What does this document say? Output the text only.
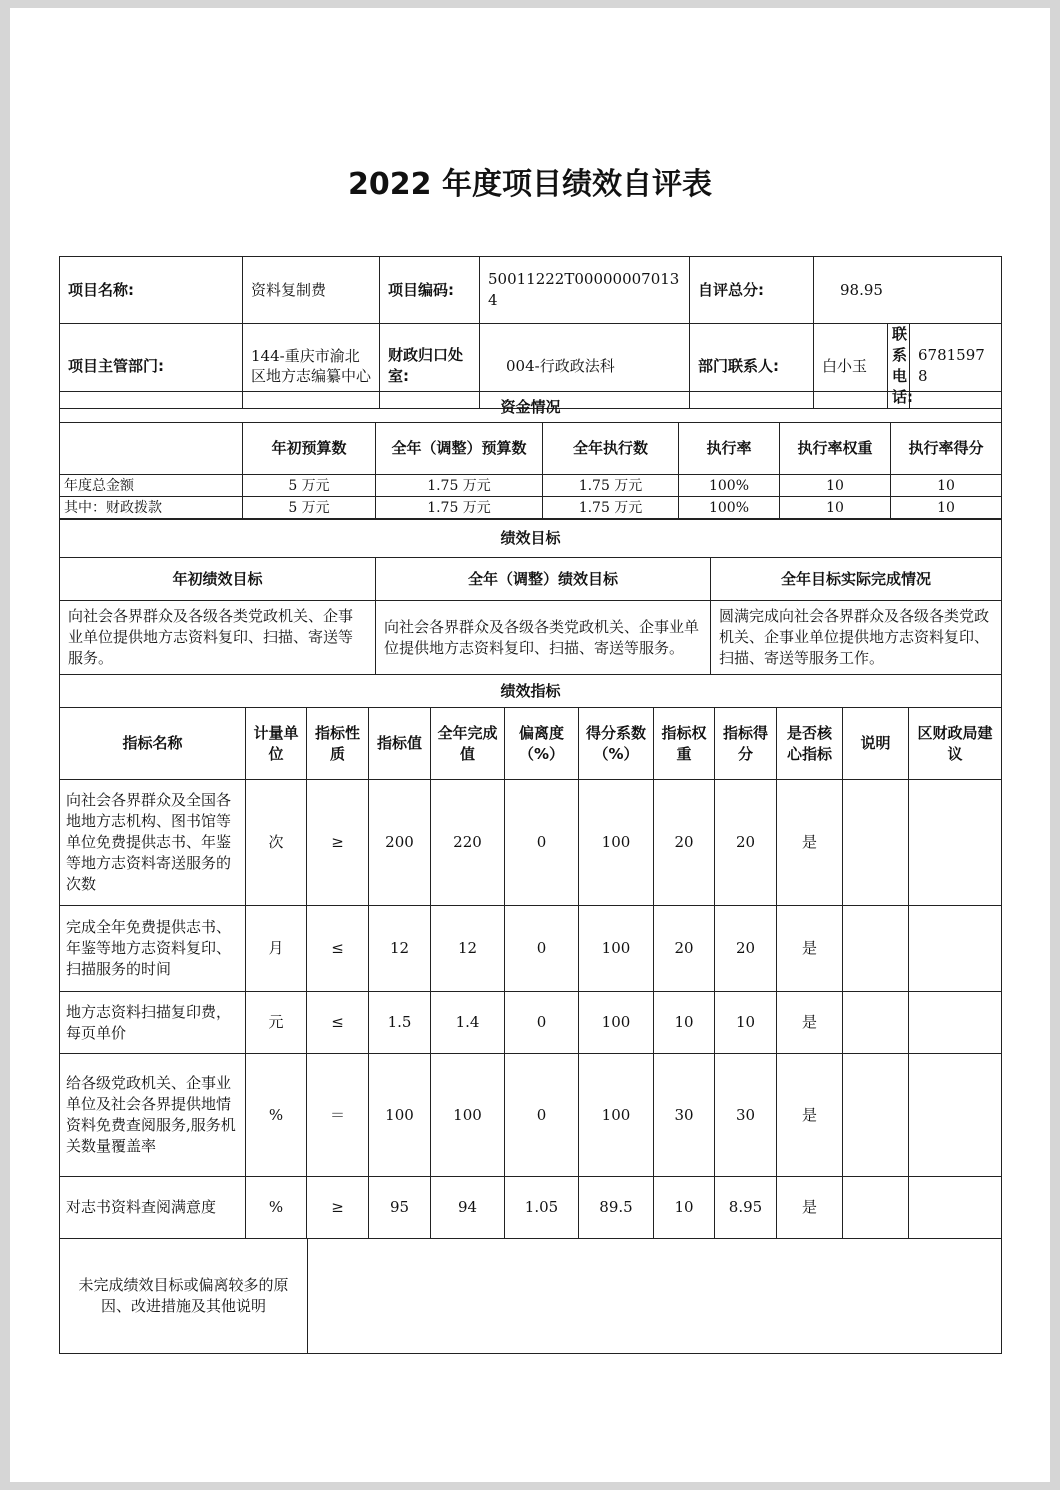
2022 年度项目绩效自评表
项目名称:	资料复制费	项目编码:	50011222T000000070134	自评总分:	98.95		
项目主管部门:	144-重庆市渝北区地方志编纂中心	财政归口处室:	004-行政政法科	部门联系人:	白小玉	联系电话:	67815978
资金情况						
	年初预算数	全年（调整）预算数	全年执行数	执行率	执行率权重	执行率得分
年度总金额	5 万元	1.75 万元	1.75 万元	100%	10	10
其中：财政拨款	5 万元	1.75 万元	1.75 万元	100%	10	10
绩效目标		
年初绩效目标	全年（调整）绩效目标	全年目标实际完成情况
向社会各界群众及各级各类党政机关、企事业单位提供地方志资料复印、扫描、寄送等服务。	向社会各界群众及各级各类党政机关、企事业单位提供地方志资料复印、扫描、寄送等服务。	圆满完成向社会各界群众及各级各类党政机关、企事业单位提供地方志资料复印、扫描、寄送等服务工作。
绩效指标											
指标名称	计量单位	指标性质	指标值	全年完成值	偏离度（%）	得分系数（%）	指标权重	指标得分	是否核心指标	说明	区财政局建议
向社会各界群众及全国各地地方志机构、图书馆等单位免费提供志书、年鉴等地方志资料寄送服务的次数	次	≥	200	220	0	100	20	20	是		
完成全年免费提供志书、年鉴等地方志资料复印、扫描服务的时间	月	≤	12	12	0	100	20	20	是		
地方志资料扫描复印费，每页单价	元	≤	1.5	1.4	0	100	10	10	是		
给各级党政机关、企事业单位及社会各界提供地情资料免费查阅服务,服务机关数量覆盖率	%	＝	100	100	0	100	30	30	是		
对志书资料查阅满意度	%	≥	95	94	1.05	89.5	10	8.95	是		
未完成绩效目标或偏离较多的原因、改进措施及其他说明	
